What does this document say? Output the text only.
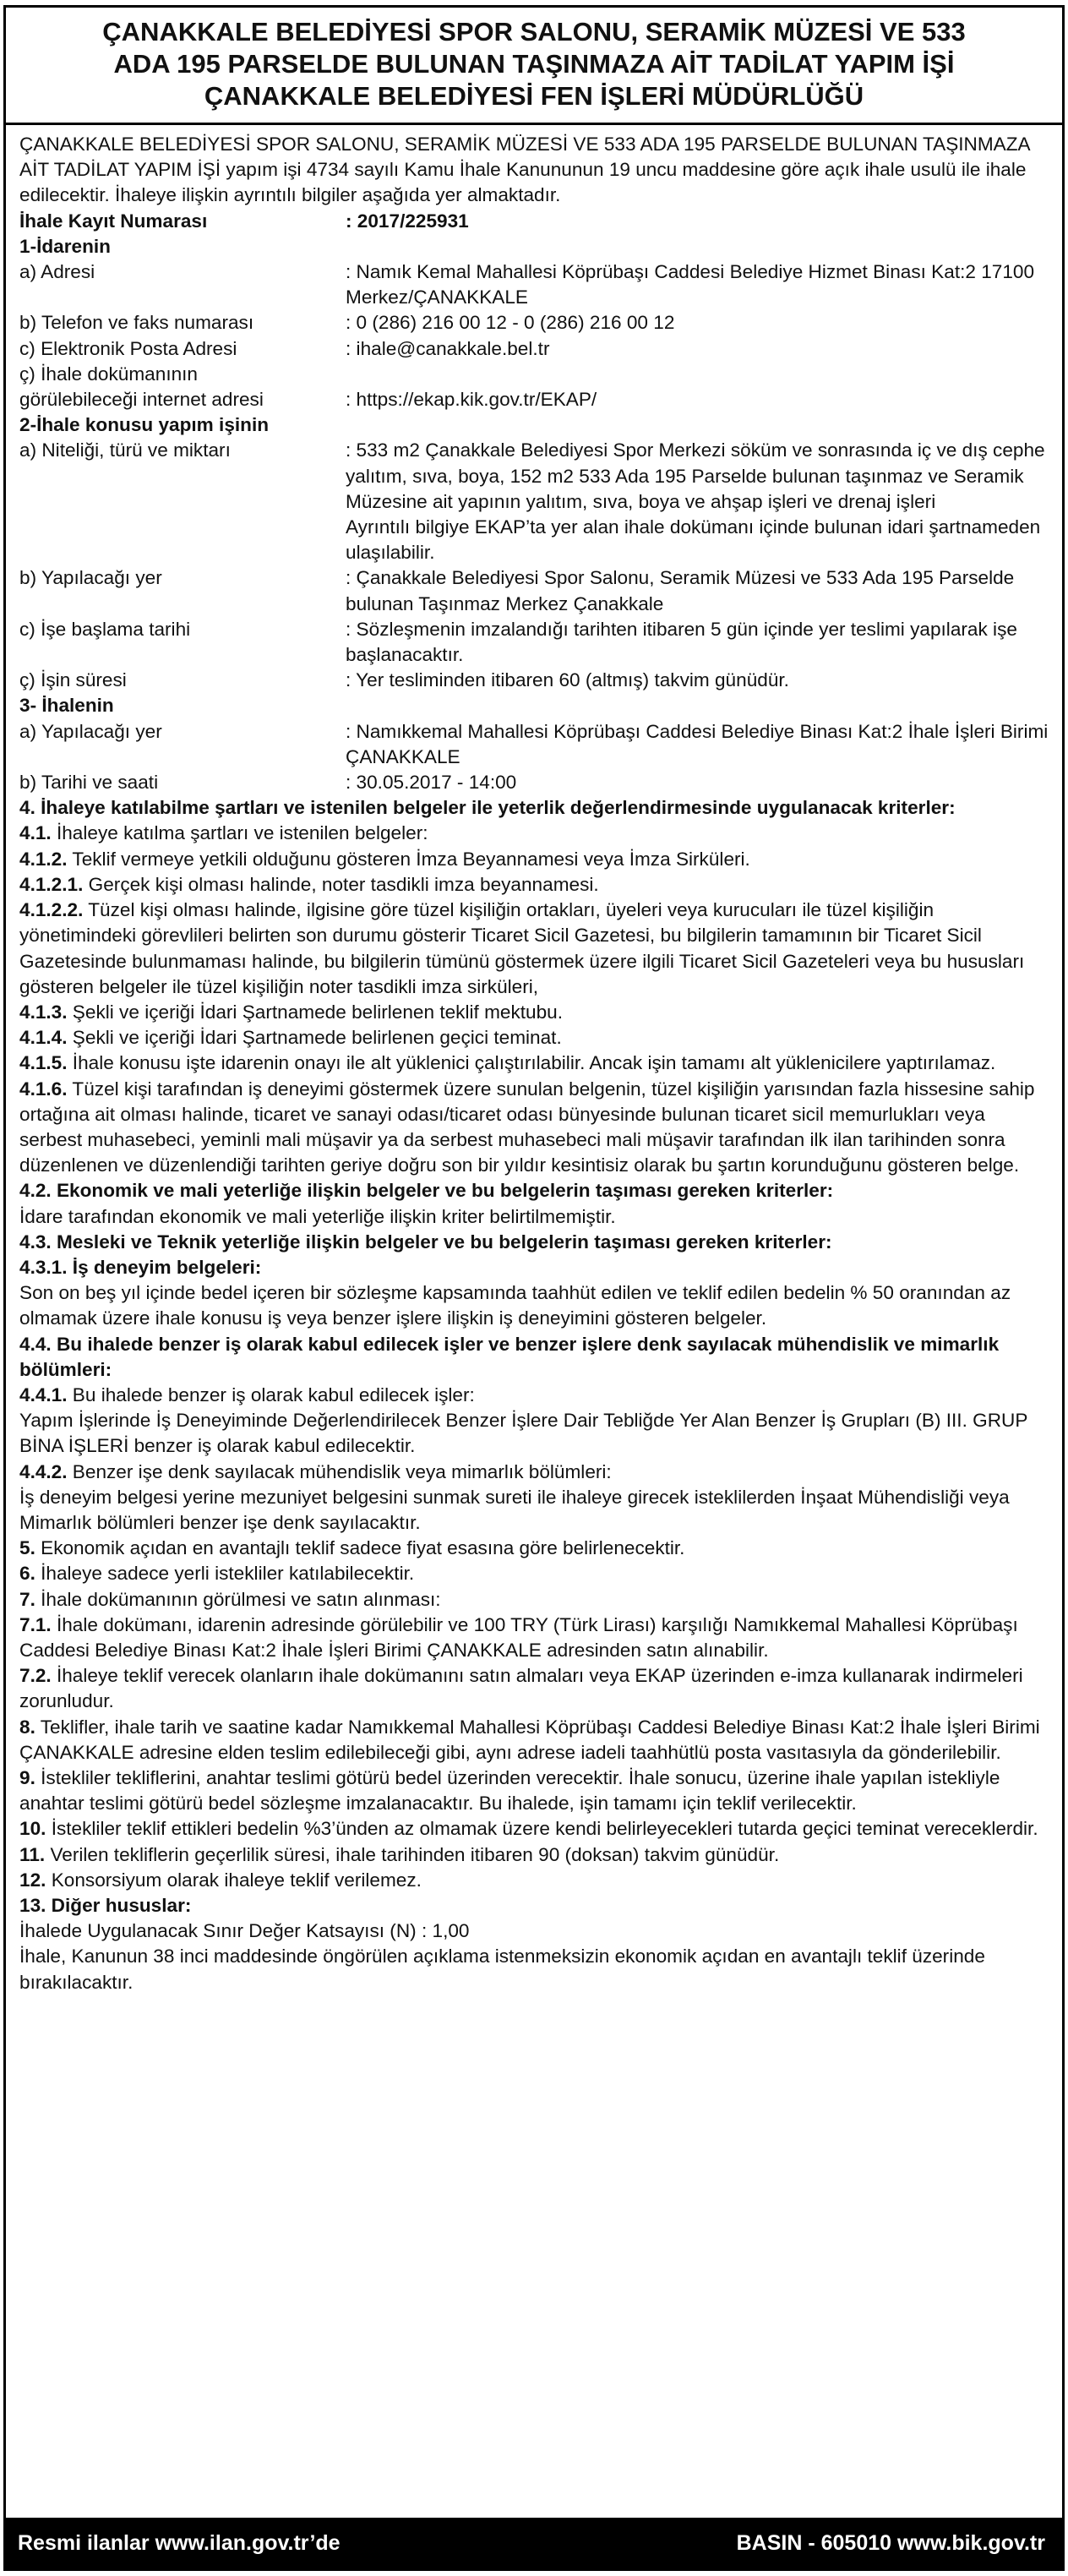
ÇANAKKALE BELEDİYESİ SPOR SALONU, SERAMİK MÜZESİ VE 533
ADA 195 PARSELDE BULUNAN TAŞINMAZA AİT TADİLAT YAPIM İŞİ
ÇANAKKALE BELEDİYESİ FEN İŞLERİ MÜDÜRLÜĞÜ

ÇANAKKALE BELEDİYESİ SPOR SALONU, SERAMİK MÜZESİ VE 533 ADA 195 PARSELDE BULUNAN TAŞINMAZA AİT TADİLAT YAPIM İŞİ yapım işi 4734 sayılı Kamu İhale Kanununun 19 uncu maddesine göre açık ihale usulü ile ihale edilecektir. İhaleye ilişkin ayrıntılı bilgiler aşağıda yer almaktadır.

İhale Kayıt Numarası	: 2017/225931

1-İdarenin

a) Adresi	: Namık Kemal Mahallesi Köprübaşı Caddesi Belediye Hizmet Binası Kat:2 17100 Merkez/ÇANAKKALE
b) Telefon ve faks numarası	: 0 (286) 216 00 12 - 0 (286) 216 00 12
c) Elektronik Posta Adresi	: ihale@canakkale.bel.tr
ç) İhale dokümanının
görülebileceği internet adresi	: https://ekap.kik.gov.tr/EKAP/

2-İhale konusu yapım işinin

a) Niteliği, türü ve miktarı	: 533 m2 Çanakkale Belediyesi Spor Merkezi söküm ve sonrasında iç ve dış cephe yalıtım, sıva, boya, 152 m2 533 Ada 195 Parselde bulunan taşınmaz ve Seramik Müzesine ait yapının yalıtım, sıva, boya ve ahşap işleri ve drenaj işleri
Ayrıntılı bilgiye EKAP’ta yer alan ihale dokümanı içinde bulunan idari şartnameden ulaşılabilir.
b) Yapılacağı yer	: Çanakkale Belediyesi Spor Salonu, Seramik Müzesi ve 533 Ada 195 Parselde bulunan Taşınmaz Merkez Çanakkale
c) İşe başlama tarihi	: Sözleşmenin imzalandığı tarihten itibaren 5 gün içinde yer teslimi yapılarak işe başlanacaktır.
ç) İşin süresi	: Yer tesliminden itibaren 60 (altmış) takvim günüdür.

3- İhalenin

a) Yapılacağı yer	: Namıkkemal Mahallesi Köprübaşı Caddesi Belediye Binası Kat:2 İhale İşleri Birimi ÇANAKKALE
b) Tarihi ve saati	: 30.05.2017 - 14:00

4. İhaleye katılabilme şartları ve istenilen belgeler ile yeterlik değerlendirmesinde uygulanacak kriterler:

4.1. İhaleye katılma şartları ve istenilen belgeler:

4.1.2. Teklif vermeye yetkili olduğunu gösteren İmza Beyannamesi veya İmza Sirküleri.

4.1.2.1. Gerçek kişi olması halinde, noter tasdikli imza beyannamesi.

4.1.2.2. Tüzel kişi olması halinde, ilgisine göre tüzel kişiliğin ortakları, üyeleri veya kurucuları ile tüzel kişiliğin yönetimindeki görevlileri belirten son durumu gösterir Ticaret Sicil Gazetesi, bu bilgilerin tamamının bir Ticaret Sicil Gazetesinde bulunmaması halinde, bu bilgilerin tümünü göstermek üzere ilgili Ticaret Sicil Gazeteleri veya bu hususları gösteren belgeler ile tüzel kişiliğin noter tasdikli imza sirküleri,

4.1.3. Şekli ve içeriği İdari Şartnamede belirlenen teklif mektubu.

4.1.4. Şekli ve içeriği İdari Şartnamede belirlenen geçici teminat.

4.1.5. İhale konusu işte idarenin onayı ile alt yüklenici çalıştırılabilir. Ancak işin tamamı alt yüklenicilere yaptırılamaz.

4.1.6. Tüzel kişi tarafından iş deneyimi göstermek üzere sunulan belgenin, tüzel kişiliğin yarısından fazla hissesine sahip ortağına ait olması halinde, ticaret ve sanayi odası/ticaret odası bünyesinde bulunan ticaret sicil memurlukları veya serbest muhasebeci, yeminli mali müşavir ya da serbest muhasebeci mali müşavir tarafından ilk ilan tarihinden sonra düzenlenen ve düzenlendiği tarihten geriye doğru son bir yıldır kesintisiz olarak bu şartın korunduğunu gösteren belge.

4.2. Ekonomik ve mali yeterliğe ilişkin belgeler ve bu belgelerin taşıması gereken kriterler:

İdare tarafından ekonomik ve mali yeterliğe ilişkin kriter belirtilmemiştir.

4.3. Mesleki ve Teknik yeterliğe ilişkin belgeler ve bu belgelerin taşıması gereken kriterler:

4.3.1. İş deneyim belgeleri:

Son on beş yıl içinde bedel içeren bir sözleşme kapsamında taahhüt edilen ve teklif edilen bedelin % 50 oranından az olmamak üzere ihale konusu iş veya benzer işlere ilişkin iş deneyimini gösteren belgeler.

4.4. Bu ihalede benzer iş olarak kabul edilecek işler ve benzer işlere denk sayılacak mühendislik ve mimarlık bölümleri:

4.4.1. Bu ihalede benzer iş olarak kabul edilecek işler:

Yapım İşlerinde İş Deneyiminde Değerlendirilecek Benzer İşlere Dair Tebliğde Yer Alan Benzer İş Grupları (B) III. GRUP BİNA İŞLERİ benzer iş olarak kabul edilecektir.

4.4.2. Benzer işe denk sayılacak mühendislik veya mimarlık bölümleri:

İş deneyim belgesi yerine mezuniyet belgesini sunmak sureti ile ihaleye girecek isteklilerden İnşaat Mühendisliği veya Mimarlık bölümleri benzer işe denk sayılacaktır.

5. Ekonomik açıdan en avantajlı teklif sadece fiyat esasına göre belirlenecektir.

6. İhaleye sadece yerli istekliler katılabilecektir.

7. İhale dokümanının görülmesi ve satın alınması:

7.1. İhale dokümanı, idarenin adresinde görülebilir ve 100 TRY (Türk Lirası) karşılığı Namıkkemal Mahallesi Köprübaşı Caddesi Belediye Binası Kat:2 İhale İşleri Birimi ÇANAKKALE adresinden satın alınabilir.

7.2. İhaleye teklif verecek olanların ihale dokümanını satın almaları veya EKAP üzerinden e-imza kullanarak indirmeleri zorunludur.

8. Teklifler, ihale tarih ve saatine kadar Namıkkemal Mahallesi Köprübaşı Caddesi Belediye Binası Kat:2 İhale İşleri Birimi ÇANAKKALE adresine elden teslim edilebileceği gibi, aynı adrese iadeli taahhütlü posta vasıtasıyla da gönderilebilir.

9. İstekliler tekliflerini, anahtar teslimi götürü bedel üzerinden verecektir. İhale sonucu, üzerine ihale yapılan istekliyle anahtar teslimi götürü bedel sözleşme imzalanacaktır. Bu ihalede, işin tamamı için teklif verilecektir.

10. İstekliler teklif ettikleri bedelin %3’ünden az olmamak üzere kendi belirleyecekleri tutarda geçici teminat vereceklerdir.

11. Verilen tekliflerin geçerlilik süresi, ihale tarihinden itibaren 90 (doksan) takvim günüdür.

12. Konsorsiyum olarak ihaleye teklif verilemez.

13. Diğer hususlar:

İhalede Uygulanacak Sınır Değer Katsayısı (N) : 1,00

İhale, Kanunun 38 inci maddesinde öngörülen açıklama istenmeksizin ekonomik açıdan en avantajlı teklif üzerinde bırakılacaktır.

Resmi ilanlar www.ilan.gov.tr’de	BASIN - 605010 www.bik.gov.tr
